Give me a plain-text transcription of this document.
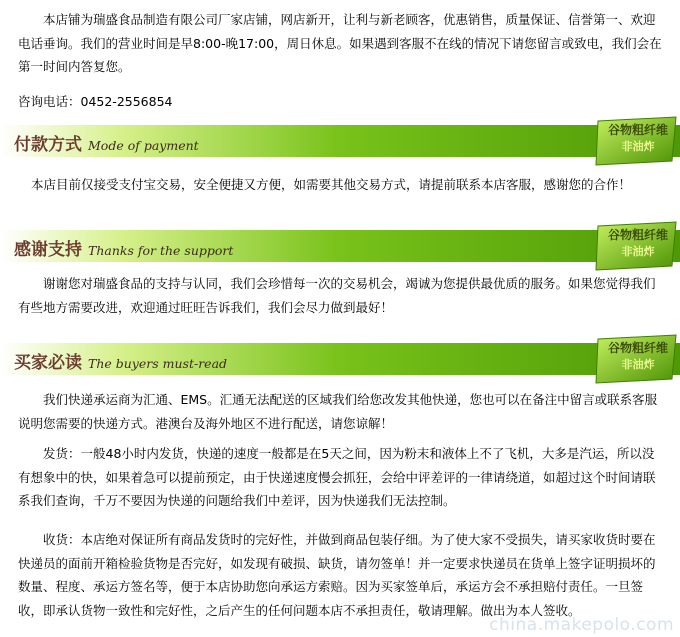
本店铺为瑞盛食品制造有限公司厂家店铺，网店新开，让利与新老顾客，优惠销售，质量保证、信誉第一、欢迎电话垂询。我们的营业时间是早8:00-晚17:00，周日休息。如果遇到客服不在线的情况下请您留言或致电，我们会在第一时间内答复您。

咨询电话：0452-2556854

付款方式 Mode of payment
谷物粗纤维
非油炸

本店目前仅接受支付宝交易，安全便捷又方便，如需要其他交易方式，请提前联系本店客服，感谢您的合作！

感谢支持 Thanks for the support
谷物粗纤维
非油炸

谢谢您对瑞盛食品的支持与认同，我们会珍惜每一次的交易机会，竭诚为您提供最优质的服务。如果您觉得我们有些地方需要改进，欢迎通过旺旺告诉我们，我们会尽力做到最好！

买家必读 The buyers must-read
谷物粗纤维
非油炸

我们快递承运商为汇通、EMS。汇通无法配送的区域我们给您改发其他快递，您也可以在备注中留言或联系客服说明您需要的快递方式。港澳台及海外地区不进行配送，请您谅解！

发货：一般48小时内发货，快递的速度一般都是在5天之间，因为粉末和液体上不了飞机，大多是汽运，所以没有想象中的快，如果着急可以提前预定，由于快递速度慢会抓狂，会给中评差评的一律请绕道，如超过这个时间请联系我们查询，千万不要因为快递的问题给我们中差评，因为快递我们无法控制。

收货：本店绝对保证所有商品发货时的完好性，并做到商品包装仔细。为了使大家不受损失，请买家收货时要在快递员的面前开箱检验货物是否完好，如发现有破损、缺货，请勿签单！并一定要求快递员在货单上签字证明损坏的数量、程度、承运方签名等，便于本店协助您向承运方索赔。因为买家签单后，承运方会不承担赔付责任。一旦签收，即承认货物一致性和完好性，之后产生的任何问题本店不承担责任，敬请理解。做出为本人签收。

china.makepolo.com
